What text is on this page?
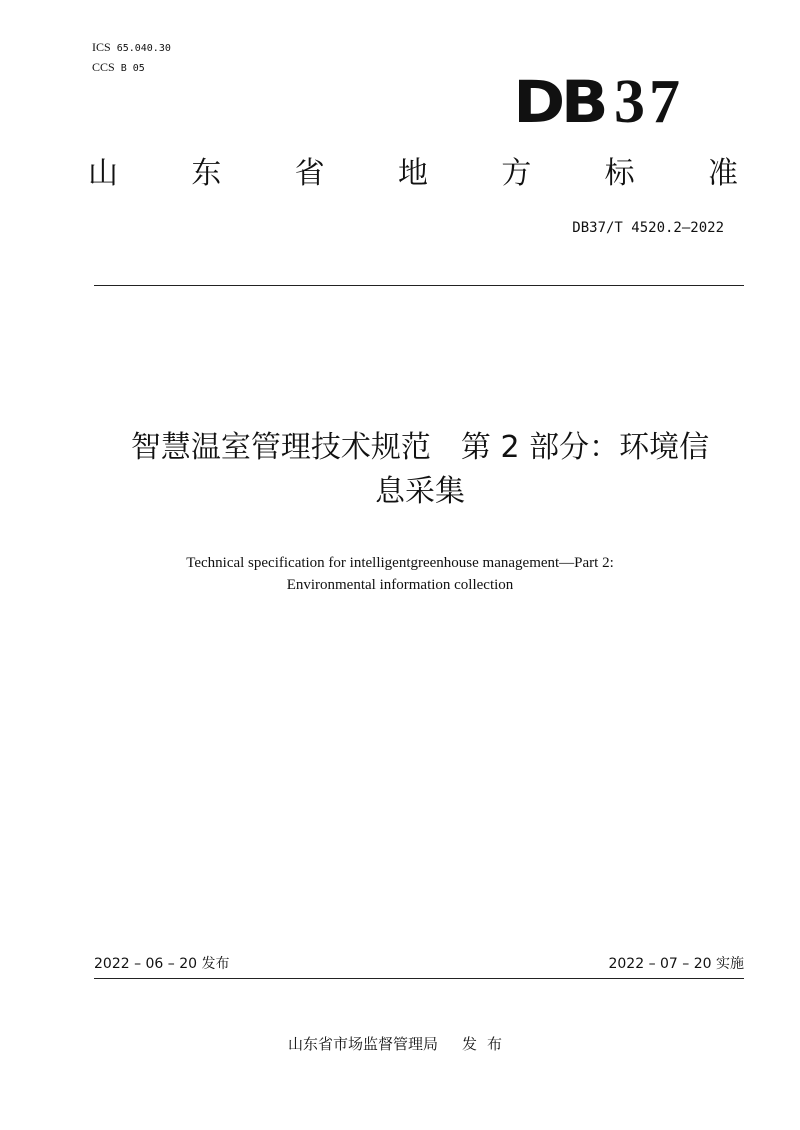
ICS 65.040.30
CCS B 05	DB 37
山 东 省 地 方 标 准
DB37/T 4520.2—2022
智慧温室管理技术规范　第 2 部分：环境信
息采集
Technical specification for intelligentgreenhouse management—Part 2:
Environmental information collection
2022 – 06 – 20 发布	2022 – 07 – 20 实施
山东省市场监督管理局 发布
